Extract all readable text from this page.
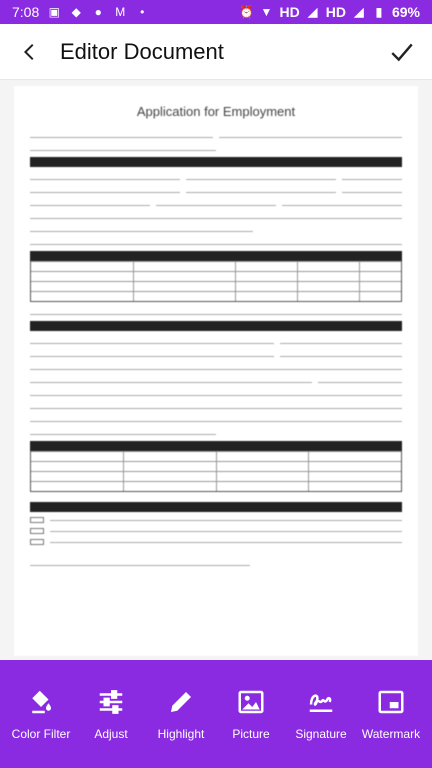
7:08 ▣ ◆ ● M	•	⏰ ▼ HD ◢ HD ◢	▮ 69%
Editor Document
Application for Employment

Color Filter Adjust Highlight Picture Signature Watermark
